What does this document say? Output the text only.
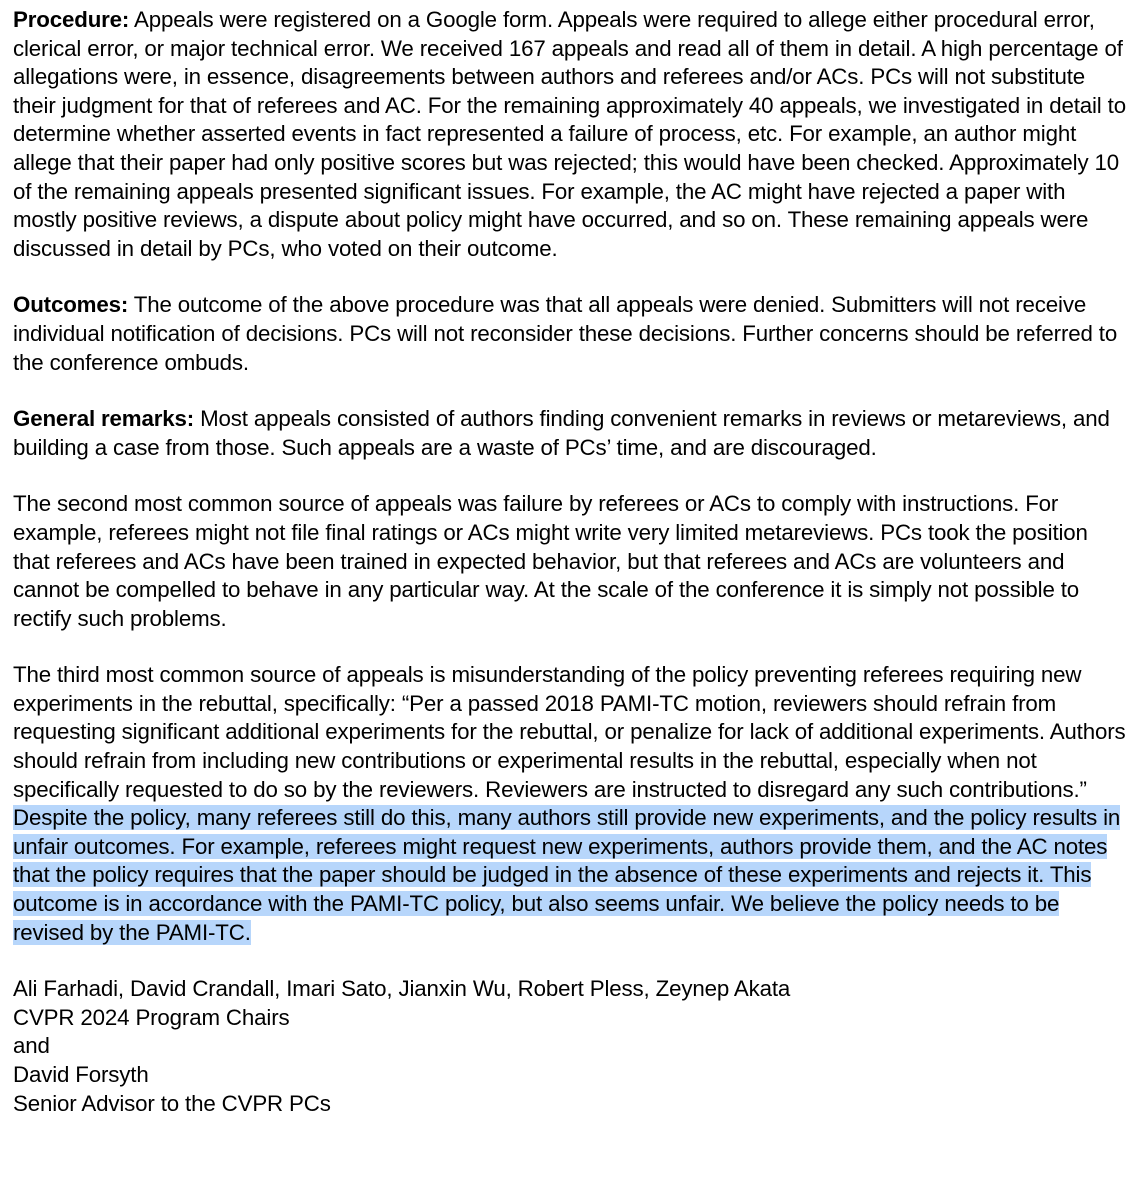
Procedure: Appeals were registered on a Google form. Appeals were required to allege either procedural error, clerical error, or major technical error. We received 167 appeals and read all of them in detail. A high percentage of allegations were, in essence, disagreements between authors and referees and/or ACs. PCs will not substitute their judgment for that of referees and AC. For the remaining approximately 40 appeals, we investigated in detail to determine whether asserted events in fact represented a failure of process, etc. For example, an author might allege that their paper had only positive scores but was rejected; this would have been checked. Approximately 10 of the remaining appeals presented significant issues. For example, the AC might have rejected a paper with mostly positive reviews, a dispute about policy might have occurred, and so on. These remaining appeals were discussed in detail by PCs, who voted on their outcome.

Outcomes: The outcome of the above procedure was that all appeals were denied. Submitters will not receive individual notification of decisions. PCs will not reconsider these decisions. Further concerns should be referred to the conference ombuds.

General remarks: Most appeals consisted of authors finding convenient remarks in reviews or metareviews, and building a case from those. Such appeals are a waste of PCs’ time, and are discouraged.

The second most common source of appeals was failure by referees or ACs to comply with instructions. For example, referees might not file final ratings or ACs might write very limited metareviews. PCs took the position that referees and ACs have been trained in expected behavior, but that referees and ACs are volunteers and cannot be compelled to behave in any particular way. At the scale of the conference it is simply not possible to rectify such problems.

The third most common source of appeals is misunderstanding of the policy preventing referees requiring new experiments in the rebuttal, specifically: “Per a passed 2018 PAMI-TC motion, reviewers should refrain from requesting significant additional experiments for the rebuttal, or penalize for lack of additional experiments. Authors should refrain from including new contributions or experimental results in the rebuttal, especially when not specifically requested to do so by the reviewers. Reviewers are instructed to disregard any such contributions.” Despite the policy, many referees still do this, many authors still provide new experiments, and the policy results in unfair outcomes. For example, referees might request new experiments, authors provide them, and the AC notes that the policy requires that the paper should be judged in the absence of these experiments and rejects it. This outcome is in accordance with the PAMI-TC policy, but also seems unfair. We believe the policy needs to be revised by the PAMI-TC.

Ali Farhadi, David Crandall, Imari Sato, Jianxin Wu, Robert Pless, Zeynep Akata
CVPR 2024 Program Chairs
and
David Forsyth
Senior Advisor to the CVPR PCs
